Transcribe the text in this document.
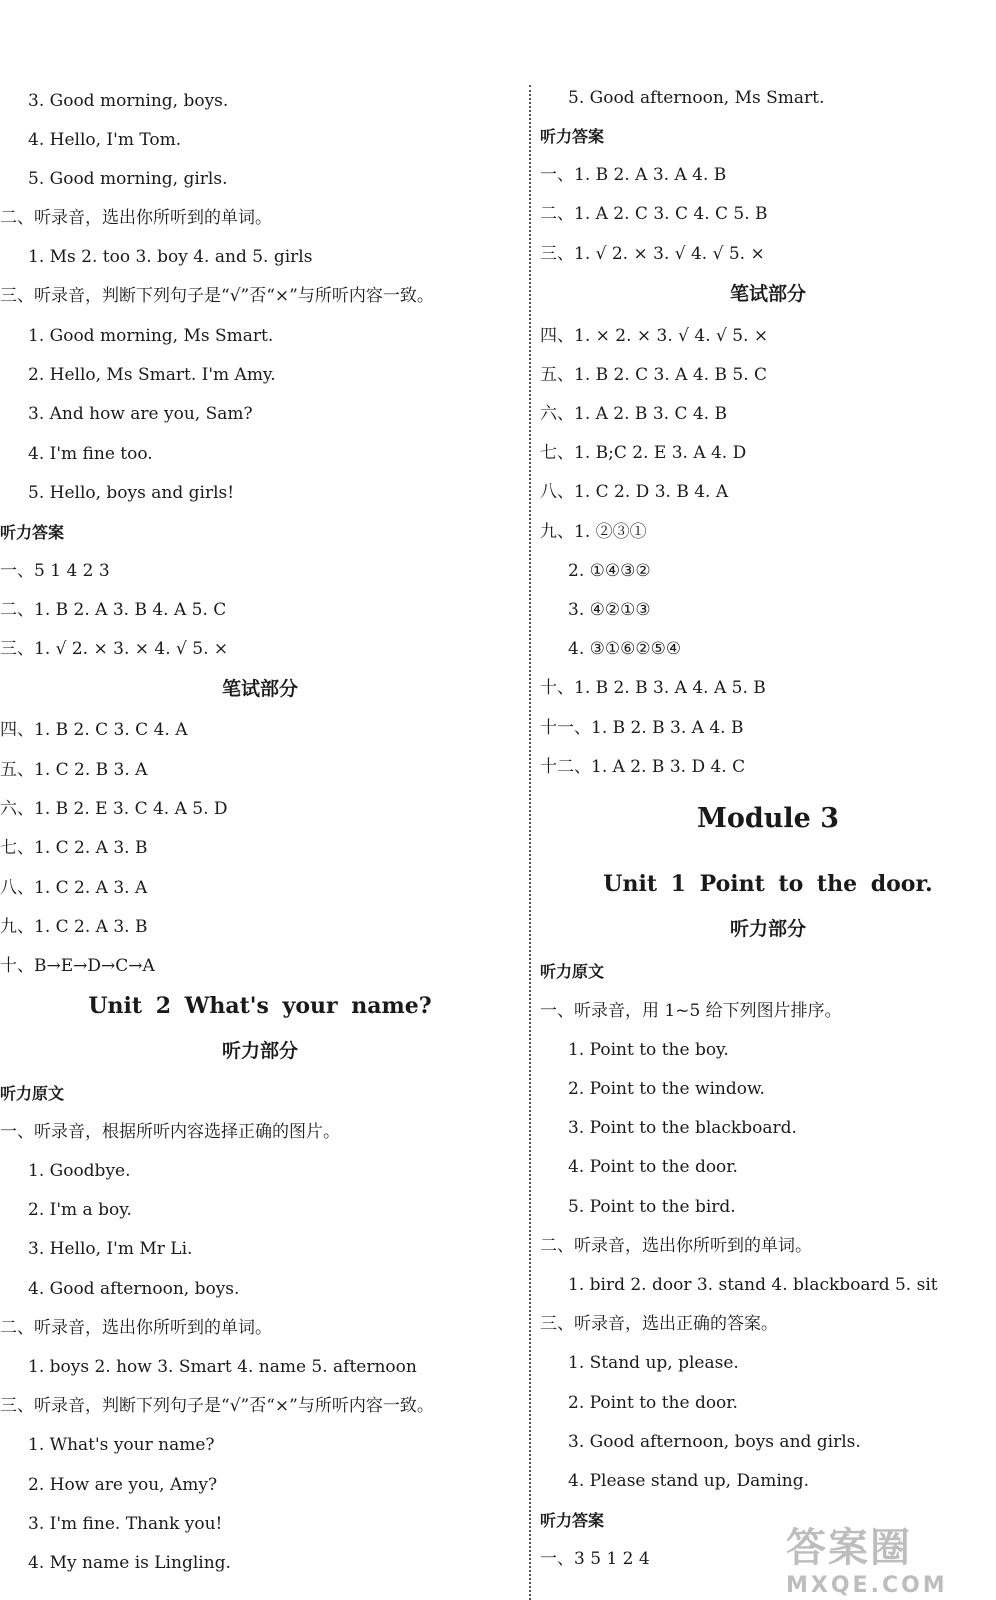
3. Good morning, boys.
4. Hello, I'm Tom.
5. Good morning, girls.
二、听录音，选出你所听到的单词。
1. Ms 2. too 3. boy 4. and 5. girls
三、听录音，判断下列句子是“√”否“×”与所听内容一致。
1. Good morning, Ms Smart.
2. Hello, Ms Smart. I'm Amy.
3. And how are you, Sam?
4. I'm fine too.
5. Hello, boys and girls!
听力答案
一、5 1 4 2 3
二、1. B 2. A 3. B 4. A 5. C
三、1. √ 2. × 3. × 4. √ 5. ×
笔试部分
四、1. B 2. C 3. C 4. A
五、1. C 2. B 3. A
六、1. B 2. E 3. C 4. A 5. D
七、1. C 2. A 3. B
八、1. C 2. A 3. A
九、1. C 2. A 3. B
十、B→E→D→C→A
Unit 2 What's your name?
听力部分
听力原文
一、听录音，根据所听内容选择正确的图片。
1. Goodbye.
2. I'm a boy.
3. Hello, I'm Mr Li.
4. Good afternoon, boys.
二、听录音，选出你所听到的单词。
1. boys 2. how 3. Smart 4. name 5. afternoon
三、听录音，判断下列句子是“√”否“×”与所听内容一致。
1. What's your name?
2. How are you, Amy?
3. I'm fine. Thank you!
4. My name is Lingling.
5. Good afternoon, Ms Smart.
听力答案
一、1. B 2. A 3. A 4. B
二、1. A 2. C 3. C 4. C 5. B
三、1. √ 2. × 3. √ 4. √ 5. ×
笔试部分
四、1. × 2. × 3. √ 4. √ 5. ×
五、1. B 2. C 3. A 4. B 5. C
六、1. A 2. B 3. C 4. B
七、1. B;C 2. E 3. A 4. D
八、1. C 2. D 3. B 4. A
九、1. ②③①
2. ①④③②
3. ④②①③
4. ③①⑥②⑤④
十、1. B 2. B 3. A 4. A 5. B
十一、1. B 2. B 3. A 4. B
十二、1. A 2. B 3. D 4. C
Module 3
Unit 1 Point to the door.
听力部分
听力原文
一、听录音，用 1~5 给下列图片排序。
1. Point to the boy.
2. Point to the window.
3. Point to the blackboard.
4. Point to the door.
5. Point to the bird.
二、听录音，选出你所听到的单词。
1. bird 2. door 3. stand 4. blackboard 5. sit
三、听录音，选出正确的答案。
1. Stand up, please.
2. Point to the door.
3. Good afternoon, boys and girls.
4. Please stand up, Daming.
听力答案
一、3 5 1 2 4	答案圈
MXQE.COM
